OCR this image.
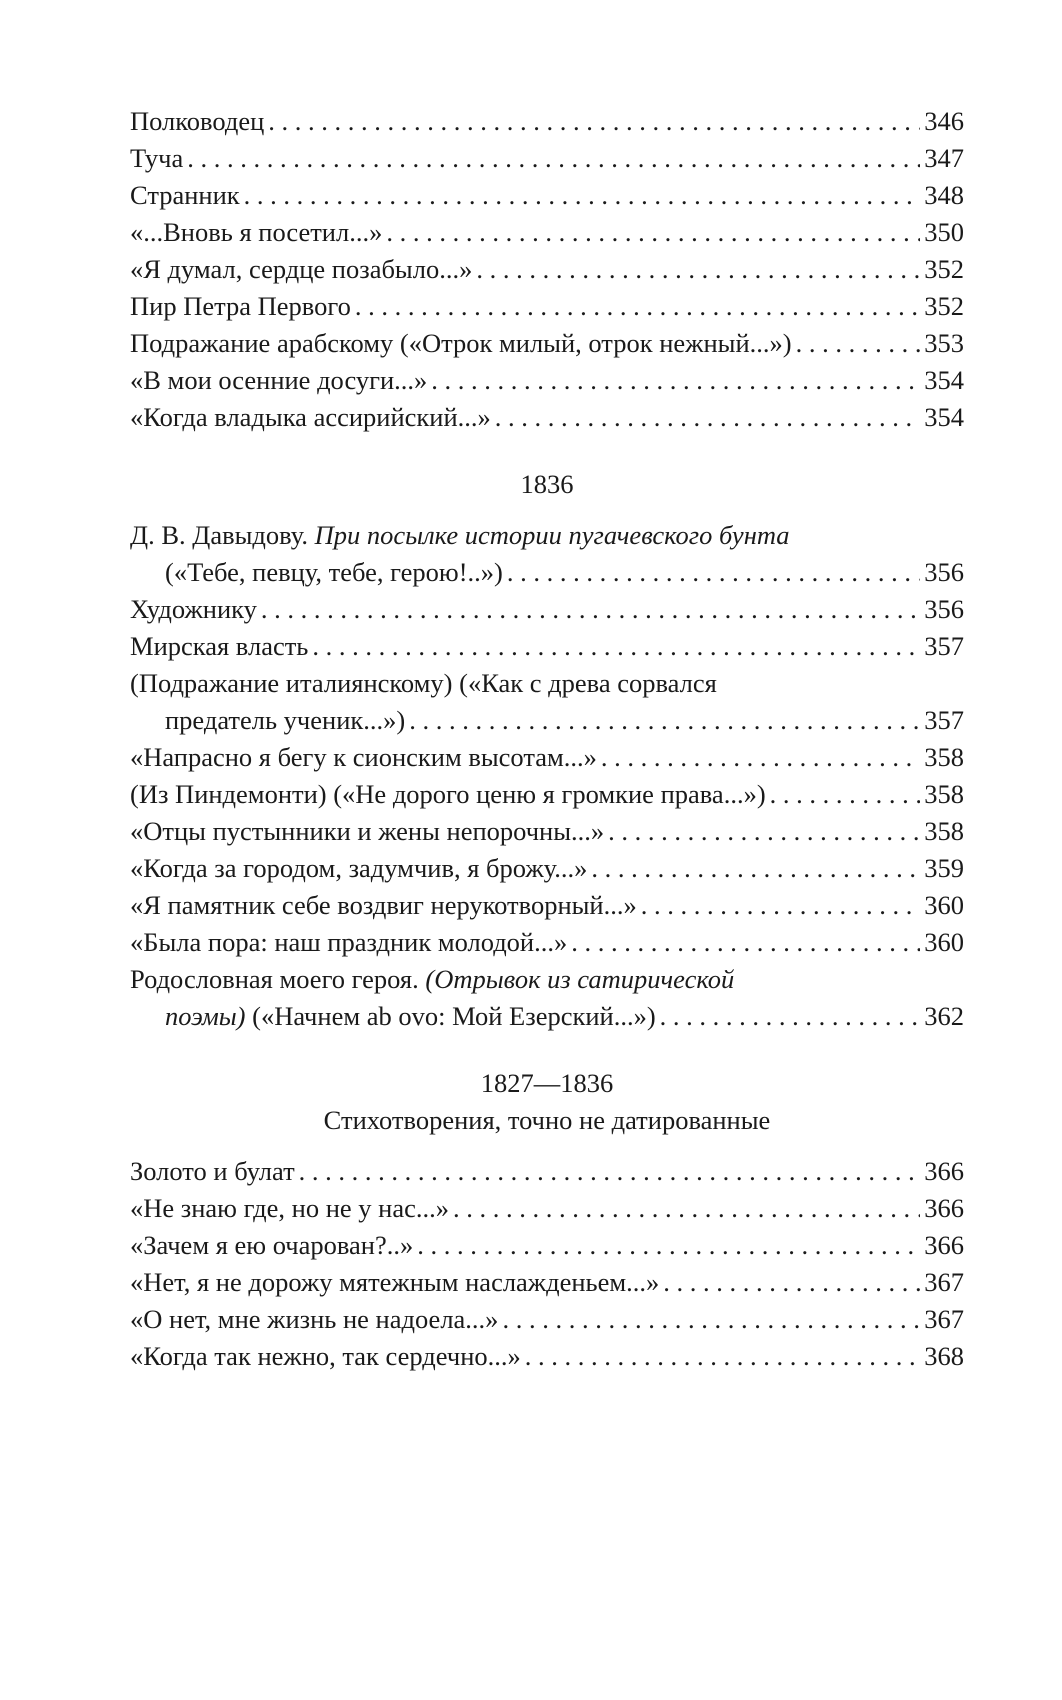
Полководец . . .	346
Туча . . .	347
Странник . . .	348
«...Вновь я посетил...» . . .	350
«Я думал, сердце позабыло...» . . .	352
Пир Петра Первого . . .	352
Подражание арабскому («Отрок милый, отрок нежный...») . . .	353
«В мои осенние досуги...» . . .	354
«Когда владыка ассирийский...» . . .	354
1836
Д. В. Давыдову. При посылке истории пугачевского бунта
(«Тебе, певцу, тебе, герою!..») . . .	356
Художнику . . .	356
Мирская власть . . .	357
(Подражание италиянскому) («Как с древа сорвался
предатель ученик...») . . .	357
«Напрасно я бегу к сионским высотам...» . . .	358
(Из Пиндемонти) («Не дорого ценю я громкие права...») . . .	358
«Отцы пустынники и жены непорочны...» . . .	358
«Когда за городом, задумчив, я брожу...» . . .	359
«Я памятник себе воздвиг нерукотворный...» . . .	360
«Была пора: наш праздник молодой...» . . .	360
Родословная моего героя. (Отрывок из сатирической
поэмы) («Начнем ab ovo: Мой Езерский...») . . .	362
1827—1836
Стихотворения, точно не датированные
Золото и булат . . .	366
«Не знаю где, но не у нас...» . . .	366
«Зачем я ею очарован?..» . . .	366
«Нет, я не дорожу мятежным наслажденьем...» . . .	367
«О нет, мне жизнь не надоела...» . . .	367
«Когда так нежно, так сердечно...» . . .	368
